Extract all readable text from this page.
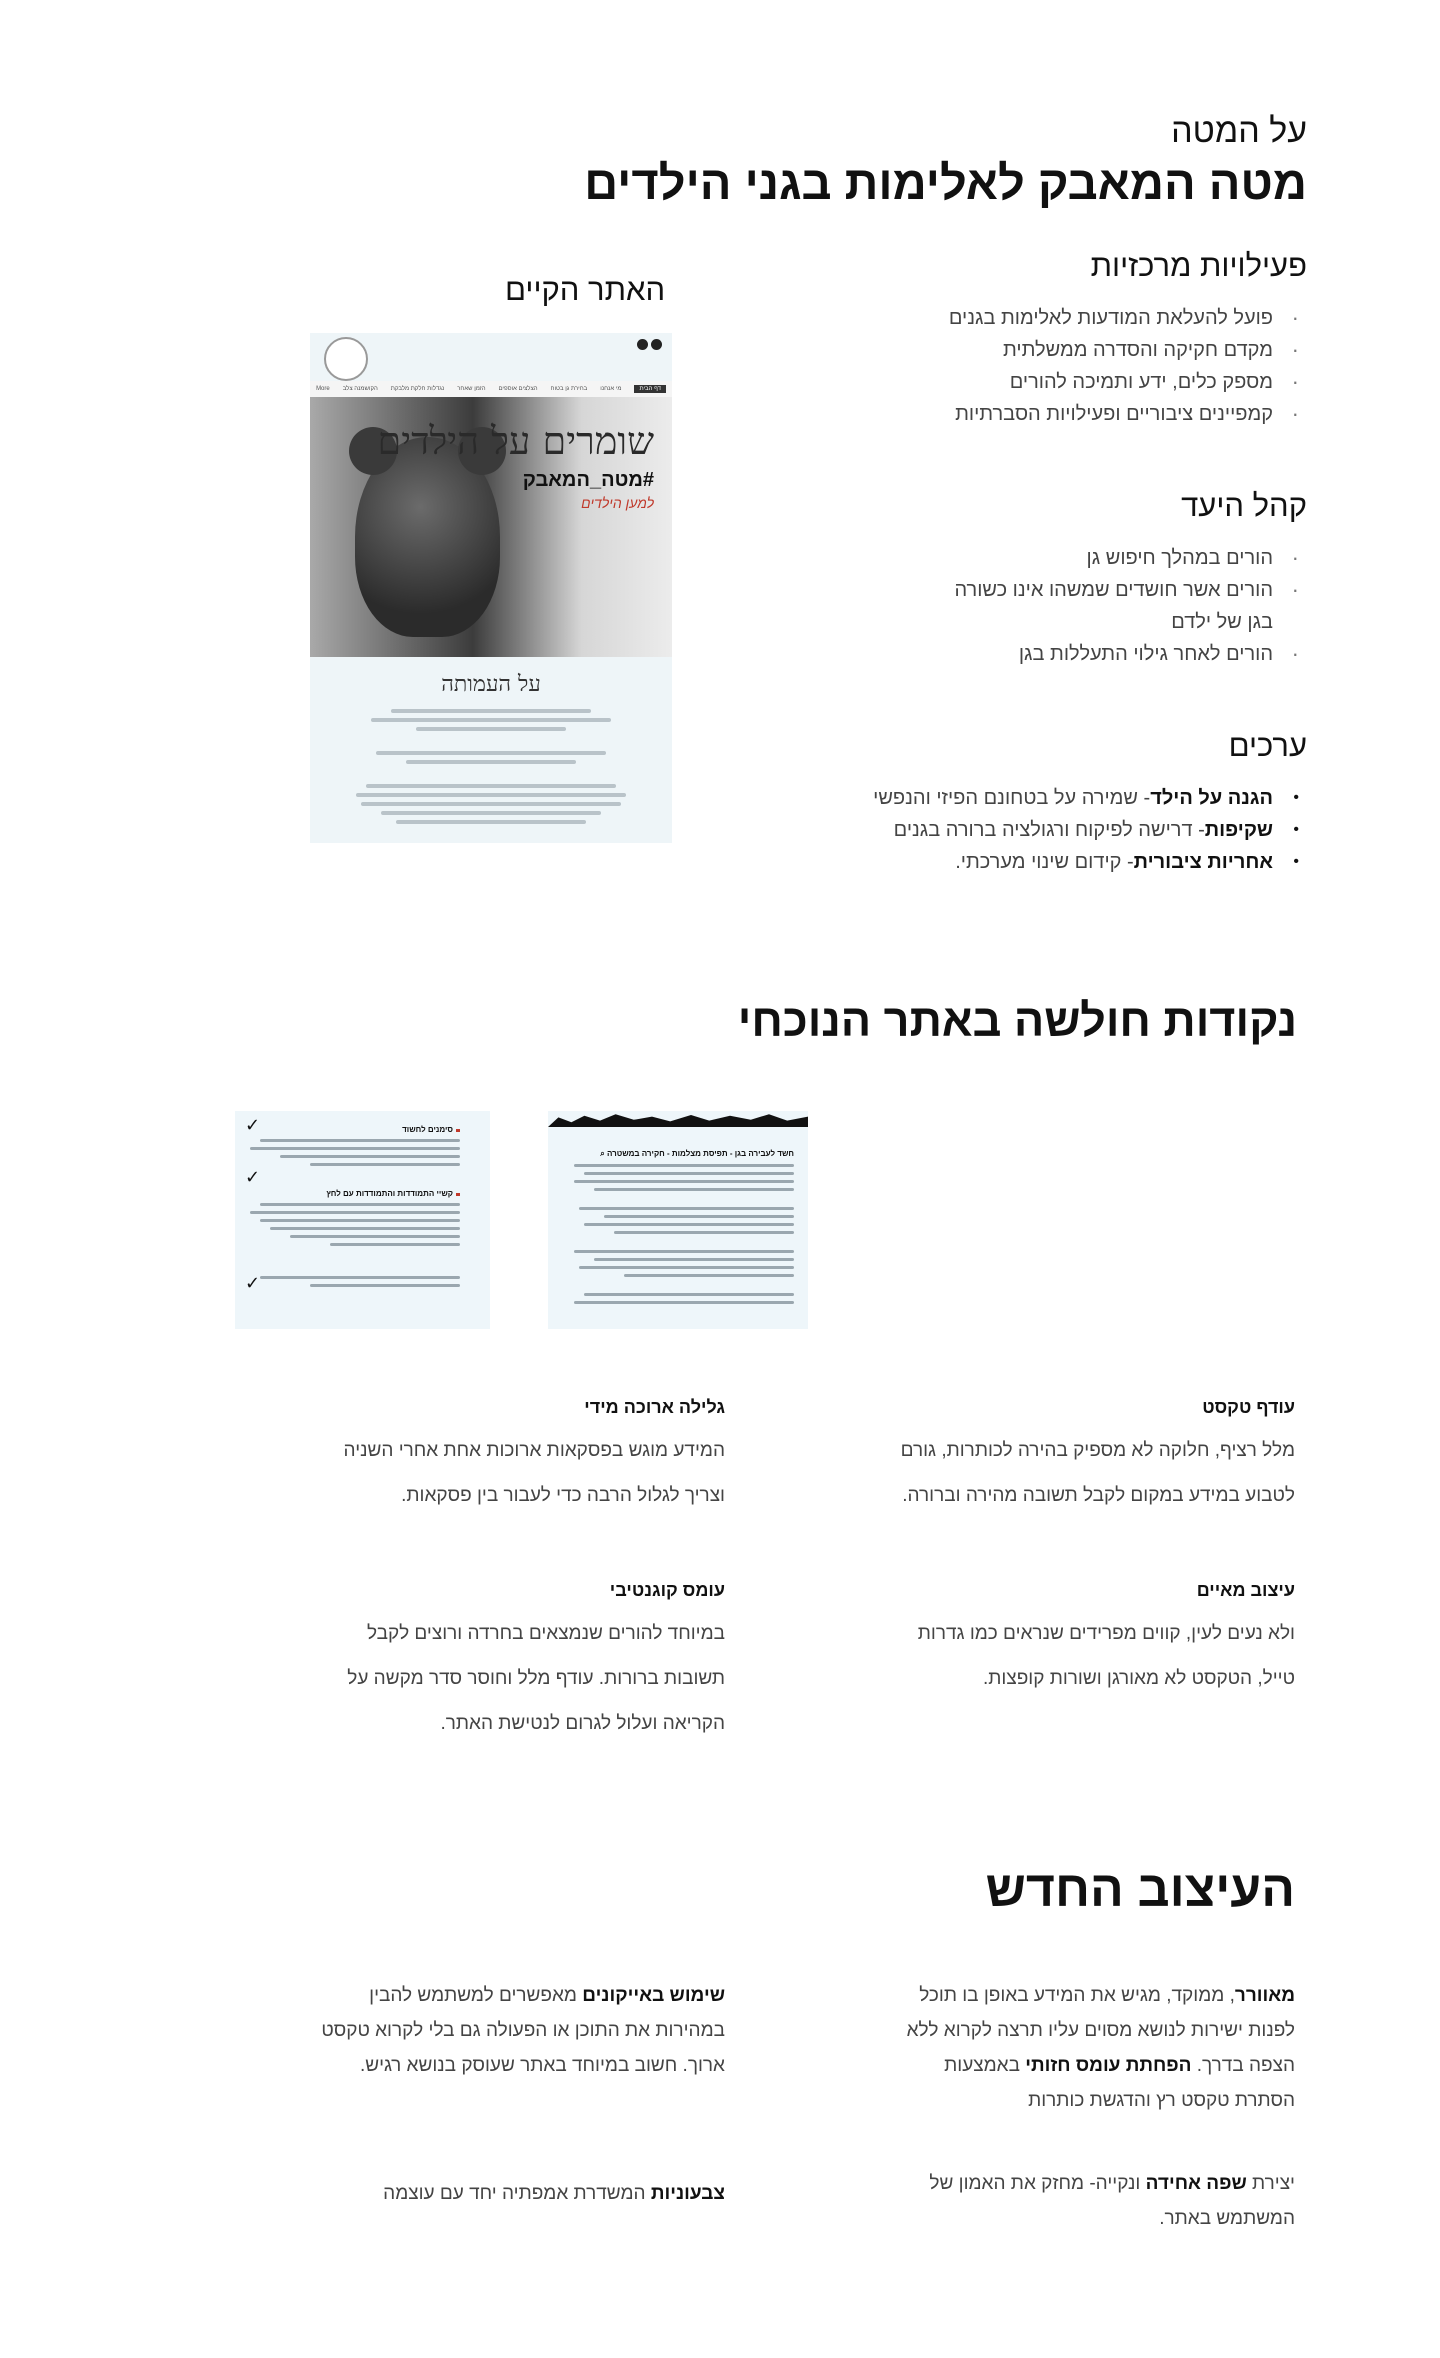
על המטה

מטה המאבק לאלימות בגני הילדים

פעילויות מרכזיות

· פועל להעלאת המודעות לאלימות בגנים
· מקדם חקיקה והסדרה ממשלתית
· מספק כלים, ידע ותמיכה להורים
· קמפיינים ציבוריים ופעילויות הסברתיות

קהל היעד

· הורים במהלך חיפוש גן
· הורים אשר חושדים שמשהו אינו כשורה בגן של ילדם
· הורים לאחר גילוי התעללות בגן

ערכים

• הגנה על הילד- שמירה על בטחונם הפיזי והנפשי
• שקיפות- דרישה לפיקוח ורגולציה ברורה בגנים
• אחריות ציבורית- קידום שינוי מערכתי.

האתר הקיים

דף הבית
מי אנחנו
בחירת גן בטוח
הצלצים אוספים
הזמן שאחר
נגדלות חלקת מלבקת
הקושמנה צלב
More
שומרים על הילדים
#מטה_המאבק
למען הילדים
על העמותה

נקודות חולשה באתר הנוכחי

סימנים לחשוד
קשיי התמודדות והתמודדות עם לחץ
✓
✓
✓
חשד לעבירה בגן - תפיסת מצלמות - חקירה במשטרה ⌕

עודף טקסט

מלל רציף, חלוקה לא מספיק בהירה לכותרות, גורם

לטבוע במידע במקום לקבל תשובה מהירה וברורה.

גלילה ארוכה מידי

המידע מוגש בפסקאות ארוכות אחת אחרי השניה

וצריך לגלול הרבה כדי לעבור בין פסקאות.

עיצוב מאיים

ולא נעים לעין, קווים מפרידים שנראים כמו גדרות

טייל, הטקסט לא מאורגן ושורות קופצות.

עומס קוגנטיבי

במיוחד להורים שנמצאים בחרדה ורוצים לקבל

תשובות ברורות. עודף מלל וחוסר סדר מקשה על

הקריאה ועלול לגרום לנטישת האתר.

העיצוב החדש

מאוורר, ממוקד, מגיש את המידע באופן בו תוכל לפנות ישירות לנושא מסוים עליו תרצה לקרוא ללא הצפה בדרך. הפחתת עומס חזותי באמצעות הסתרת טקסט רץ והדגשת כותרות

שימוש באייקונים מאפשרים למשתמש להבין במהירות את התוכן או הפעולה גם בלי לקרוא טקסט ארוך. חשוב במיוחד באתר שעוסק בנושא רגיש.

יצירת שפה אחידה ונקייה- מחזק את האמון של המשתמש באתר.

צבעוניות המשדרת אמפתיה יחד עם עוצמה
